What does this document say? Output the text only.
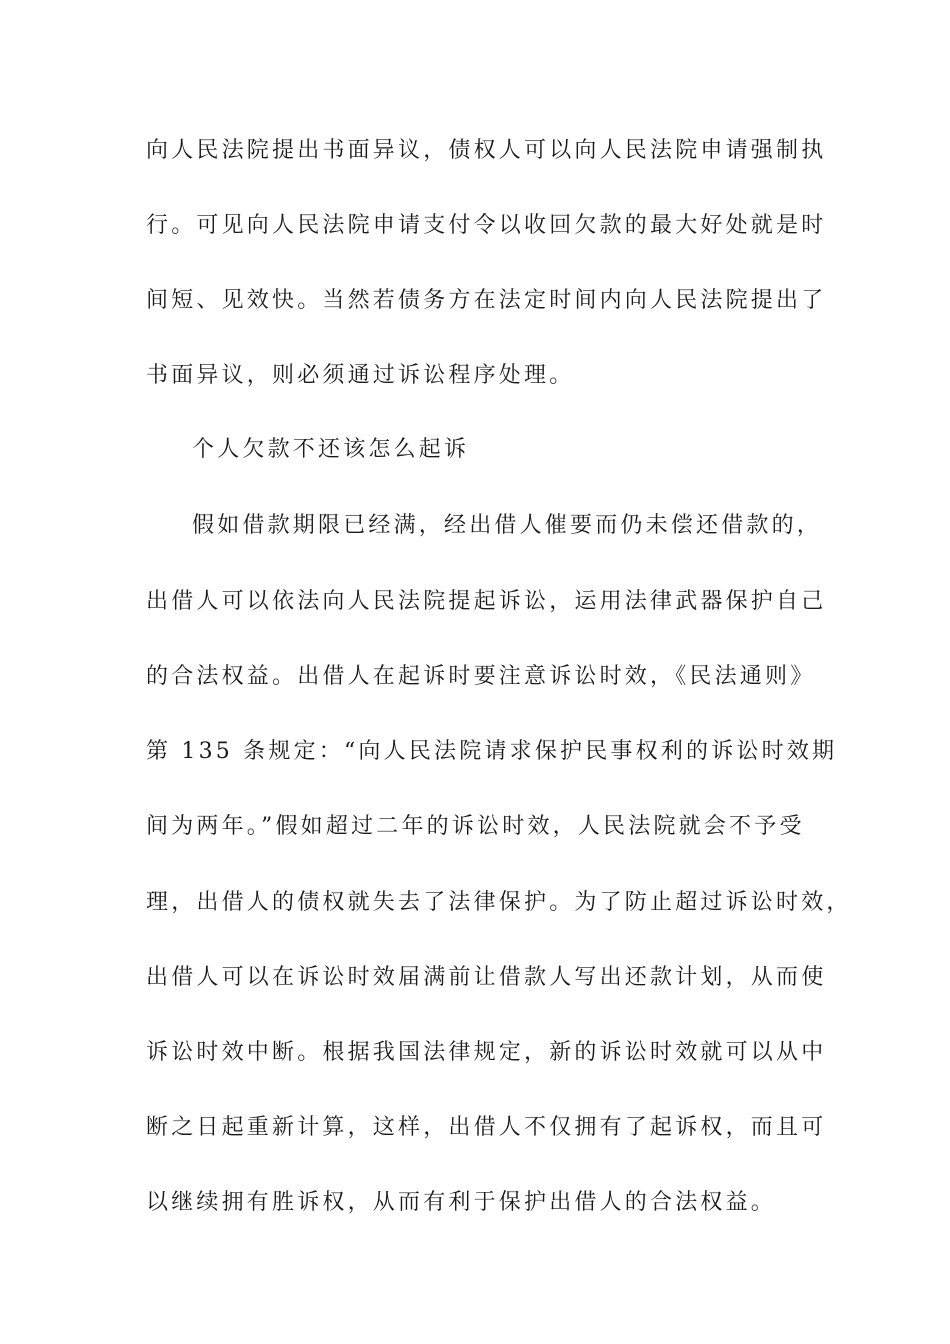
向人民法院提出书面异议，债权人可以向人民法院申请强制执
行。可见向人民法院申请支付令以收回欠款的最大好处就是时
间短、见效快。当然若债务方在法定时间内向人民法院提出了
书面异议，则必须通过诉讼程序处理。
个人欠款不还该怎么起诉
假如借款期限已经满，经出借人催要而仍未偿还借款的，
出借人可以依法向人民法院提起诉讼，运用法律武器保护自己
的合法权益。出借人在起诉时要注意诉讼时效，《民法通则》
第 135 条规定：“向人民法院请求保护民事权利的诉讼时效期
间为两年。”假如超过二年的诉讼时效，人民法院就会不予受
理，出借人的债权就失去了法律保护。为了防止超过诉讼时效，
出借人可以在诉讼时效届满前让借款人写出还款计划，从而使
诉讼时效中断。根据我国法律规定，新的诉讼时效就可以从中
断之日起重新计算，这样，出借人不仅拥有了起诉权，而且可
以继续拥有胜诉权，从而有利于保护出借人的合法权益。
